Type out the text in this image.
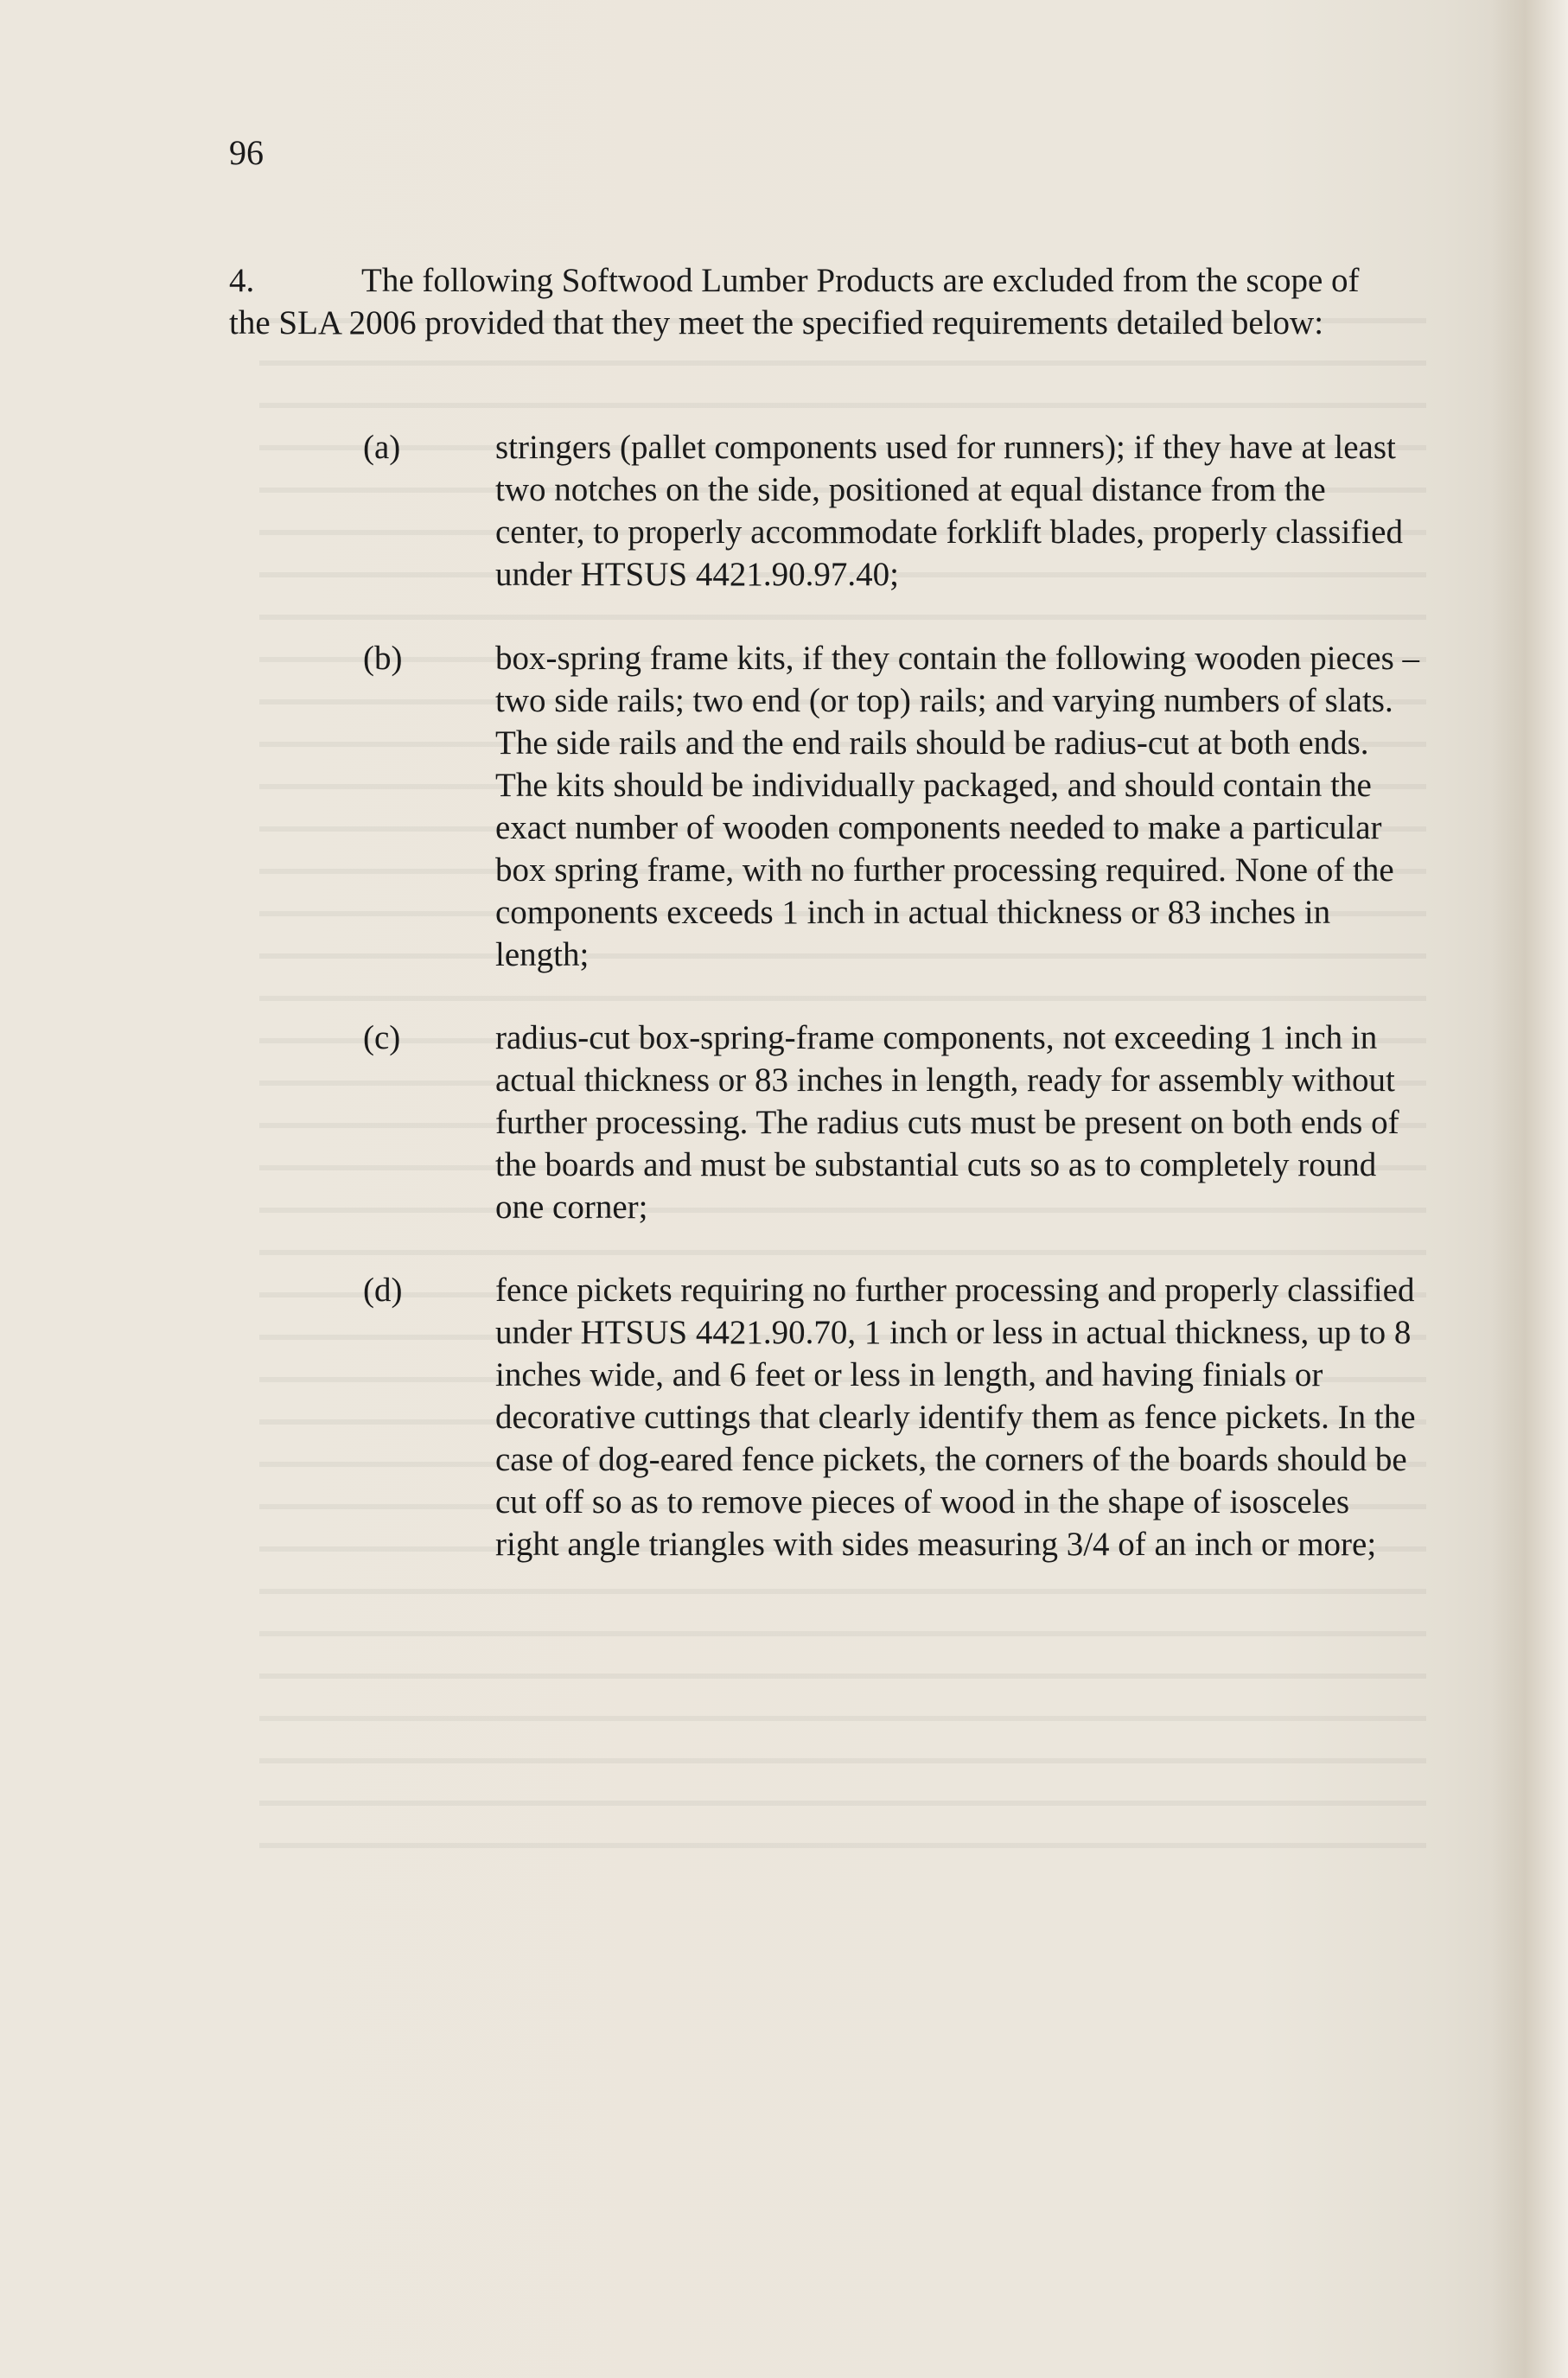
96
4.	The following Softwood Lumber Products are excluded from the scope of the SLA 2006 provided that they meet the specified requirements detailed below:
(a)	stringers (pallet components used for runners); if they have at least two notches on the side, positioned at equal distance from the center, to properly accommodate forklift blades, properly classified under HTSUS 4421.90.97.40;
(b)	box-spring frame kits, if they contain the following wooden pieces – two side rails; two end (or top) rails; and varying numbers of slats. The side rails and the end rails should be radius-cut at both ends. The kits should be individually packaged, and should contain the exact number of wooden components needed to make a particular box spring frame, with no further processing required. None of the components exceeds 1 inch in actual thickness or 83 inches in length;
(c)	radius-cut box-spring-frame components, not exceeding 1 inch in actual thickness or 83 inches in length, ready for assembly without further processing. The radius cuts must be present on both ends of the boards and must be substantial cuts so as to completely round one corner;
(d)	fence pickets requiring no further processing and properly classified under HTSUS 4421.90.70, 1 inch or less in actual thickness, up to 8 inches wide, and 6 feet or less in length, and having finials or decorative cuttings that clearly identify them as fence pickets. In the case of dog-eared fence pickets, the corners of the boards should be cut off so as to remove pieces of wood in the shape of isosceles right angle triangles with sides measuring 3/4 of an inch or more;
